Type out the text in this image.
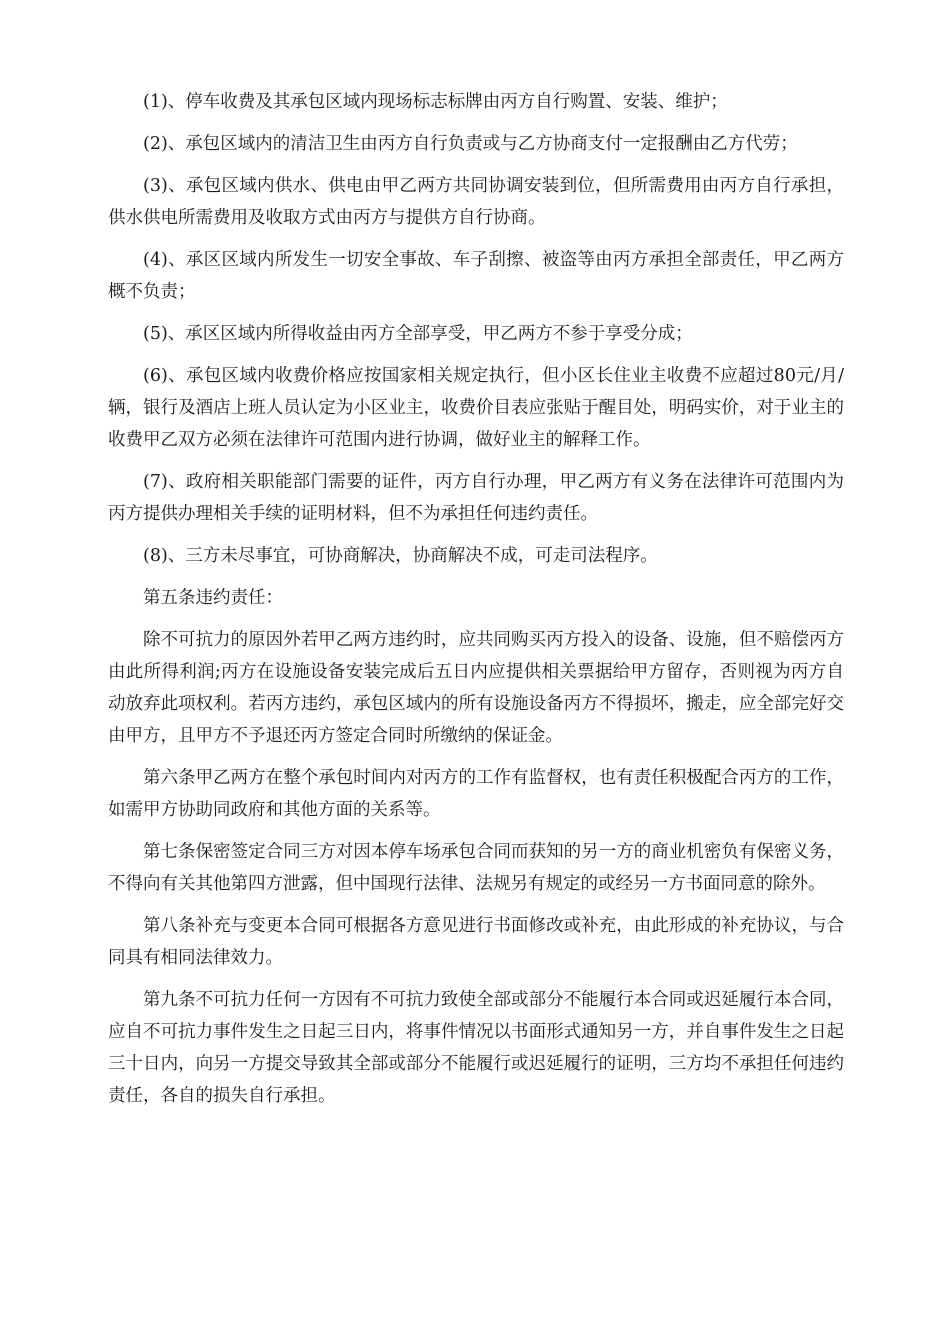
(1)、停车收费及其承包区域内现场标志标牌由丙方自行购置、安装、维护；

(2)、承包区域内的清洁卫生由丙方自行负责或与乙方协商支付一定报酬由乙方代劳；

(3)、承包区域内供水、供电由甲乙两方共同协调安装到位，但所需费用由丙方自行承担，供水供电所需费用及收取方式由丙方与提供方自行协商。

(4)、承区区域内所发生一切安全事故、车子刮擦、被盗等由丙方承担全部责任，甲乙两方概不负责；

(5)、承区区域内所得收益由丙方全部享受，甲乙两方不参于享受分成；

(6)、承包区域内收费价格应按国家相关规定执行，但小区长住业主收费不应超过80元/月/辆，银行及酒店上班人员认定为小区业主，收费价目表应张贴于醒目处，明码实价，对于业主的收费甲乙双方必须在法律许可范围内进行协调，做好业主的解释工作。

(7)、政府相关职能部门需要的证件，丙方自行办理，甲乙两方有义务在法律许可范围内为丙方提供办理相关手续的证明材料，但不为承担任何违约责任。

(8)、三方未尽事宜，可协商解决，协商解决不成，可走司法程序。

第五条违约责任：

除不可抗力的原因外若甲乙两方违约时，应共同购买丙方投入的设备、设施，但不赔偿丙方由此所得利润;丙方在设施设备安装完成后五日内应提供相关票据给甲方留存，否则视为丙方自动放弃此项权利。若丙方违约，承包区域内的所有设施设备丙方不得损坏，搬走，应全部完好交由甲方，且甲方不予退还丙方签定合同时所缴纳的保证金。

第六条甲乙两方在整个承包时间内对丙方的工作有监督权，也有责任积极配合丙方的工作，如需甲方协助同政府和其他方面的关系等。

第七条保密签定合同三方对因本停车场承包合同而获知的另一方的商业机密负有保密义务，不得向有关其他第四方泄露，但中国现行法律、法规另有规定的或经另一方书面同意的除外。

第八条补充与变更本合同可根据各方意见进行书面修改或补充，由此形成的补充协议，与合同具有相同法律效力。

第九条不可抗力任何一方因有不可抗力致使全部或部分不能履行本合同或迟延履行本合同，应自不可抗力事件发生之日起三日内，将事件情况以书面形式通知另一方，并自事件发生之日起三十日内，向另一方提交导致其全部或部分不能履行或迟延履行的证明，三方均不承担任何违约责任，各自的损失自行承担。
